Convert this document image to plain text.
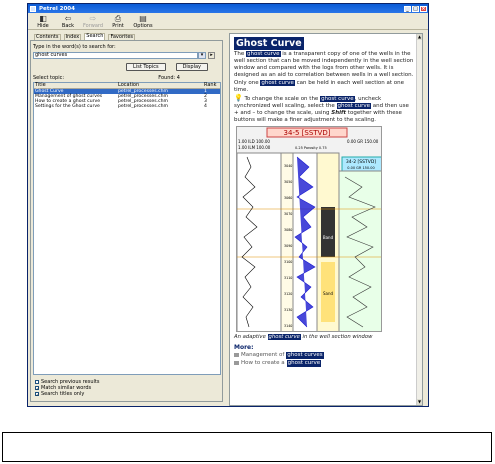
Petrel 2004	_ □ ×
◧
Hide
⇦
Back
⇨
Forward
⎙
Print
▤
Options
Contents	Index	Search	Favorites
Type in the word(s) to search for:
ghost curves	▾	▸
List Topics	Display
Select topic:	Found: 4
Title	Location	Rank
Ghost Curve	petrel_processes.chm	1
Management of ghost curves	petrel_processes.chm	2
How to create a ghost curve	petrel_processes.chm	3
Settings for the Ghost curve	petrel_processes.chm	4
Search previous results
✓ Match similar words
✓ Search titles only
Ghost Curve

The ghost curve is a transparent copy of one of the wells in the well section that can be moved independently in the well section window and compared with the logs from other wells. It is designed as an aid to correlation between wells in a well section.

Only one ghost curve can be held in each well section at one time.

💡 To change the scale on the ghost curve, uncheck synchronized well scaling, select the ghost curve and then use + and – to change the scale, using Shift together with these buttons will make a finer adjustment to the scaling.

34-5 [SSTVD]
1.00 ILD 100.00
1.00 ILM 100.00	0.25 Porosity 0.75
0.00 GR 150.00
34-2 [SSTVD]
0.00 GR 150.00
Band
Sand
3040
3050
3060
3070
3080
3090
3100
3110
3120
3130
3140
An adaptive ghost curve in the well section window
More:
Management of ghost curves
How to create a ghost curve
▲
▼
